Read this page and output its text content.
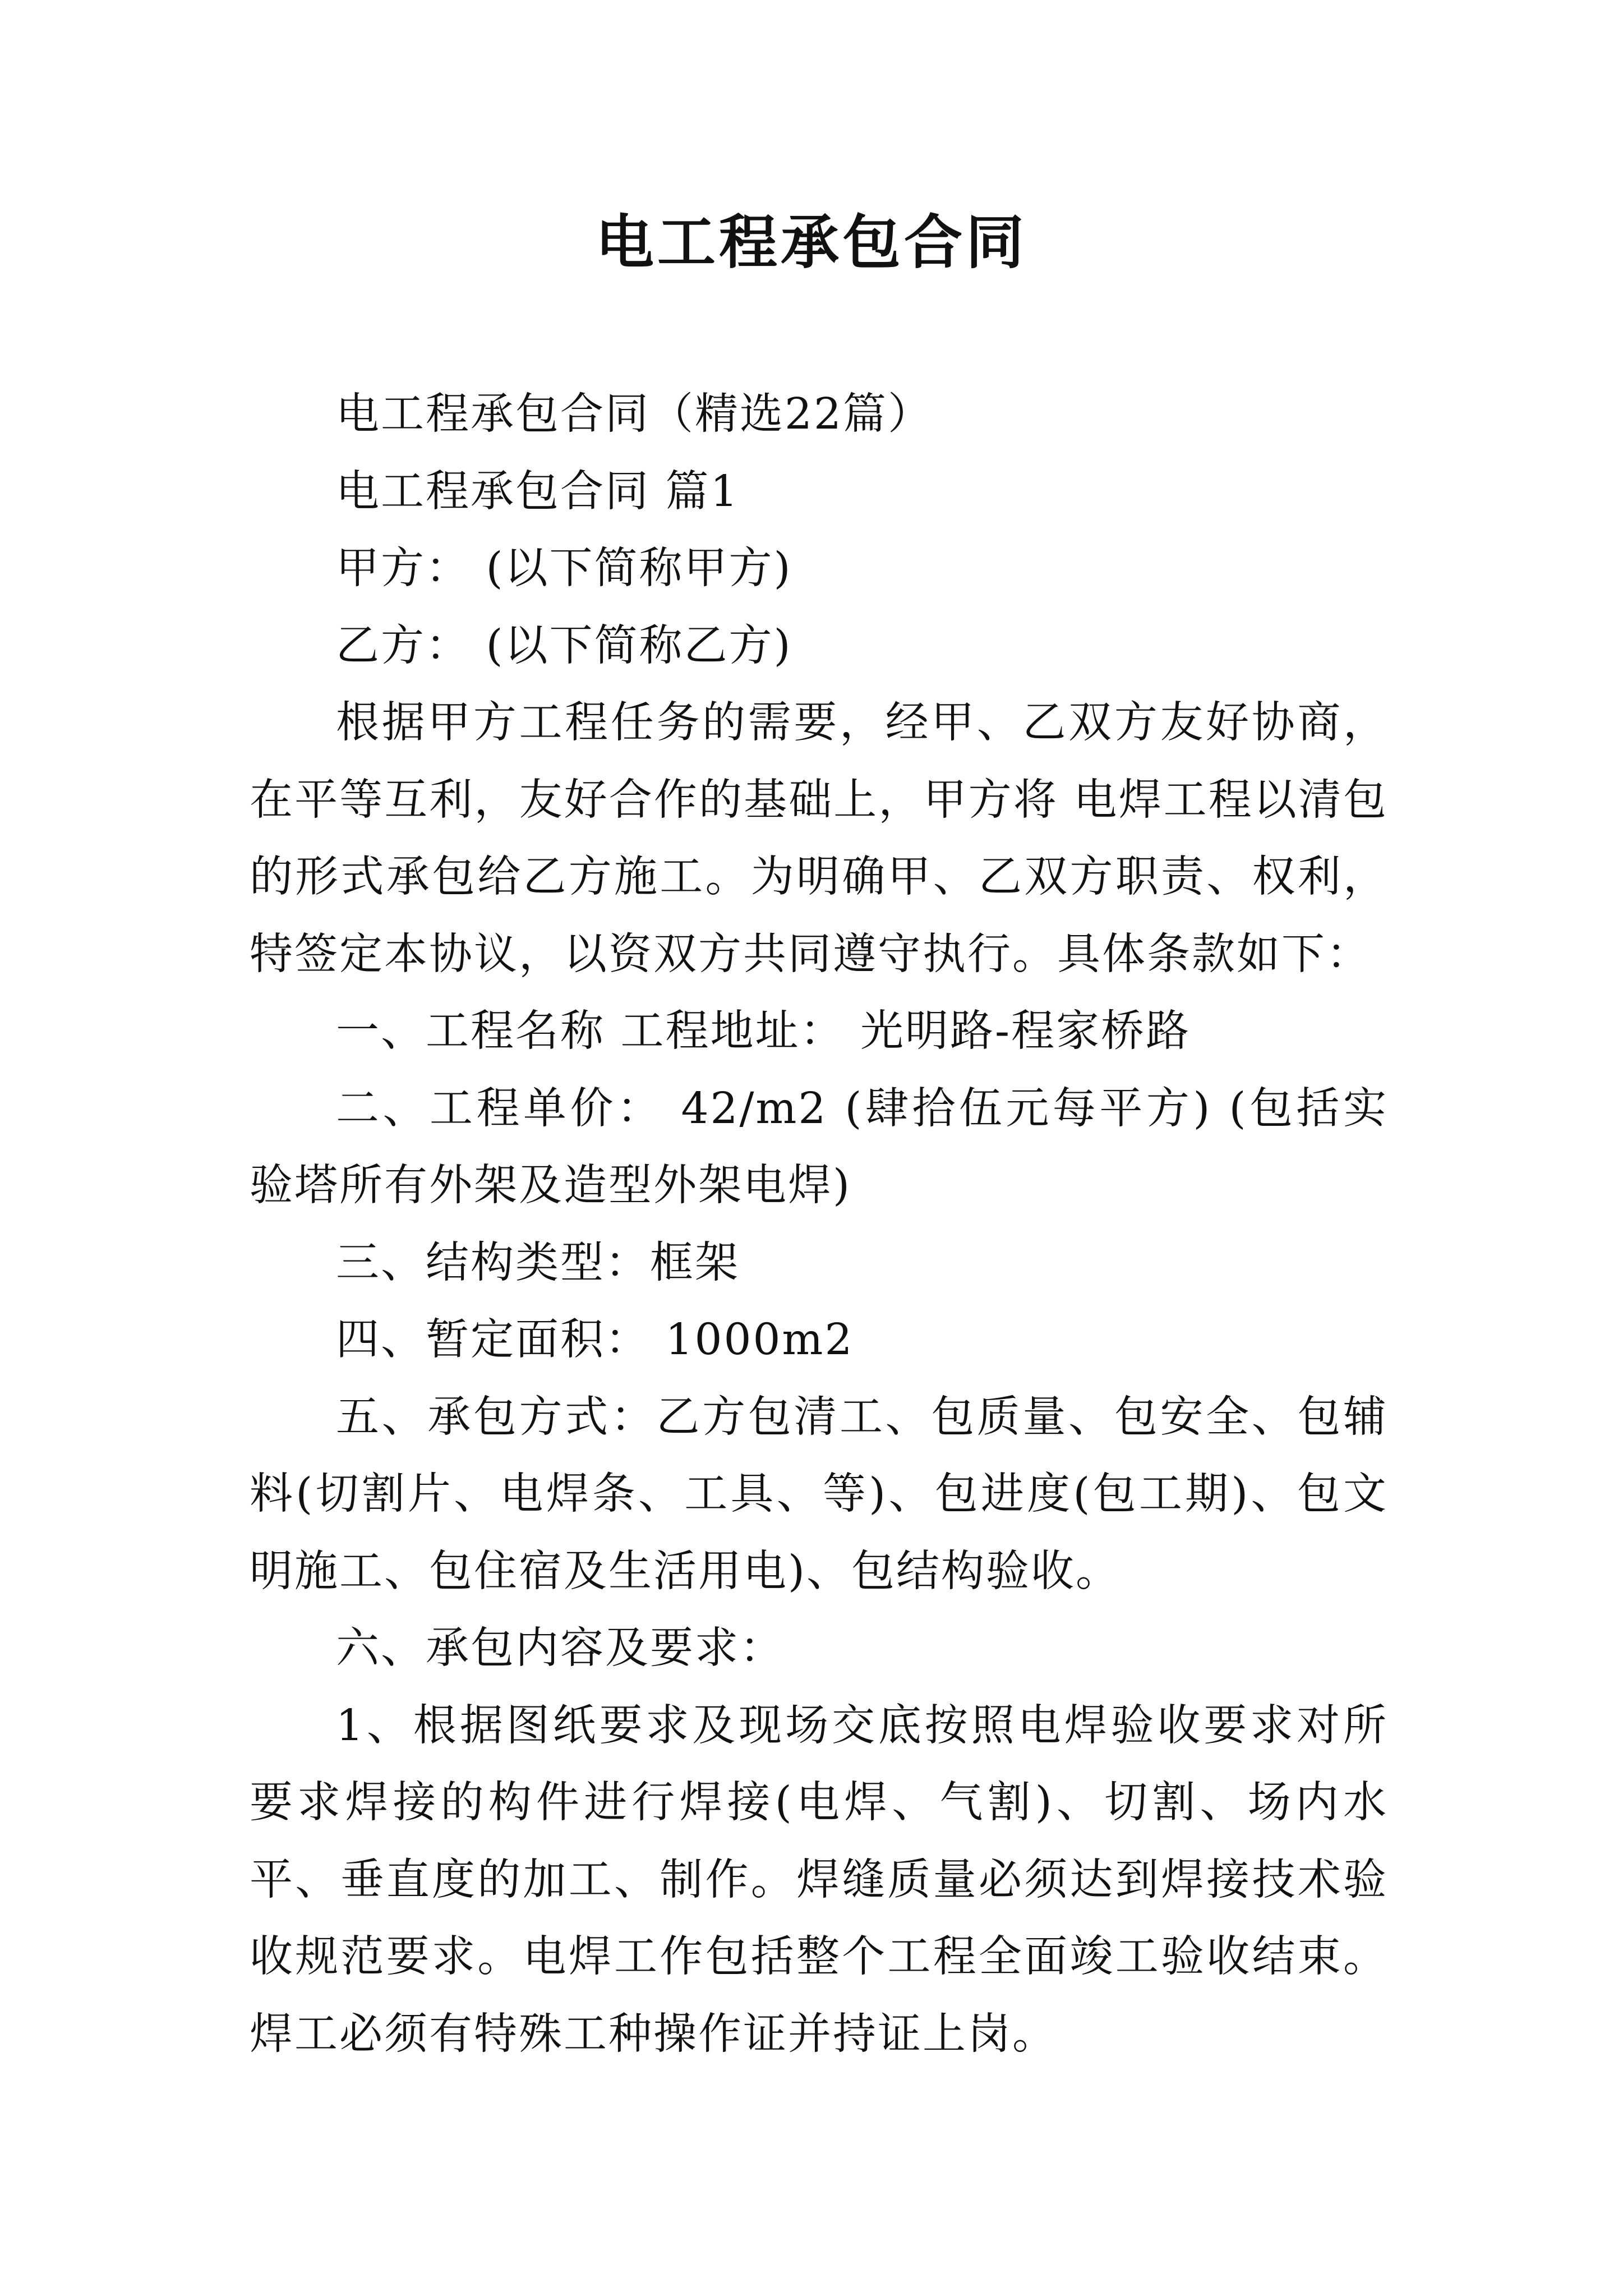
电工程承包合同

电工程承包合同（精选22篇）

电工程承包合同 篇1

甲方： (以下简称甲方)

乙方： (以下简称乙方)

根据甲方工程任务的需要，经甲、乙双方友好协商，在平等互利，友好合作的基础上，甲方将 电焊工程以清包的形式承包给乙方施工。为明确甲、乙双方职责、权利，特签定本协议，以资双方共同遵守执行。具体条款如下：

一、工程名称 工程地址： 光明路-程家桥路

二、工程单价： 42/m2 (肆拾伍元每平方) (包括实验塔所有外架及造型外架电焊)

三、结构类型：框架

四、暂定面积： 1000m2

五、承包方式：乙方包清工、包质量、包安全、包辅料(切割片、电焊条、工具、等)、包进度(包工期)、包文明施工、包住宿及生活用电)、包结构验收。

六、承包内容及要求：

1、根据图纸要求及现场交底按照电焊验收要求对所要求焊接的构件进行焊接(电焊、气割)、切割、场内水平、垂直度的加工、制作。焊缝质量必须达到焊接技术验收规范要求。电焊工作包括整个工程全面竣工验收结束。焊工必须有特殊工种操作证并持证上岗。
